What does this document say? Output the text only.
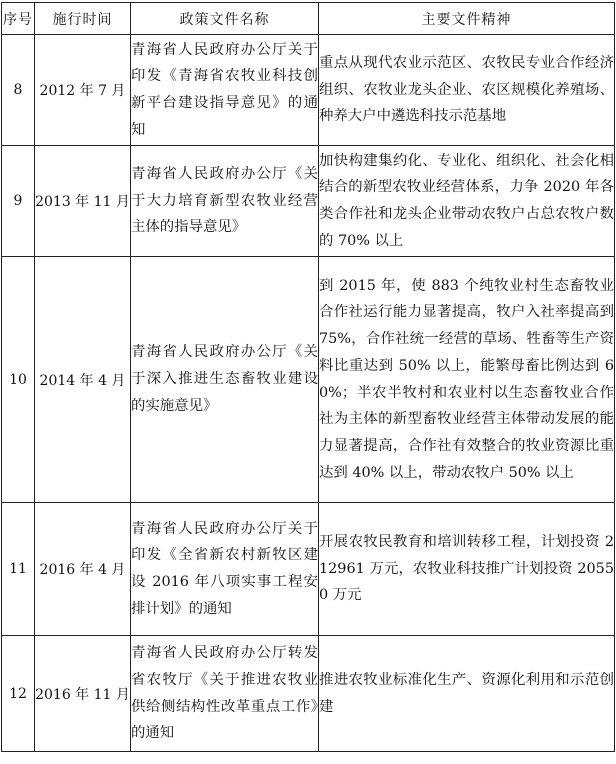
序号	施行时间	政策文件名称	主要文件精神
8	2012 年 7 月	青海省人民政府办公厅关于印发《青海省农牧业科技创新平台建设指导意见》的通知	重点从现代农业示范区、农牧民专业合作经济组织、农牧业龙头企业、农区规模化养殖场、种养大户中遴选科技示范基地
9	2013 年 11 月	青海省人民政府办公厅《关于大力培育新型农牧业经营主体的指导意见》	加快构建集约化、专业化、组织化、社会化相结合的新型农牧业经营体系，力争 2020 年各类合作社和龙头企业带动农牧户占总农牧户数的 70% 以上
10	2014 年 4 月	青海省人民政府办公厅《关于深入推进生态畜牧业建设的实施意见》	到 2015 年，使 883 个纯牧业村生态畜牧业合作社运行能力显著提高，牧户入社率提高到 75%，合作社统一经营的草场、牲畜等生产资料比重达到 50% 以上，能繁母畜比例达到 60%；半农半牧村和农业村以生态畜牧业合作社为主体的新型畜牧业经营主体带动发展的能力显著提高，合作社有效整合的牧业资源比重达到 40% 以上，带动农牧户 50% 以上
11	2016 年 4 月	青海省人民政府办公厅关于印发《全省新农村新牧区建设 2016 年八项实事工程安排计划》的通知	开展农牧民教育和培训转移工程，计划投资 212961 万元，农牧业科技推广计划投资 20550 万元
12	2016 年 11 月	青海省人民政府办公厅转发省农牧厅《关于推进农牧业供给侧结构性改革重点工作》的通知	推进农牧业标准化生产、资源化利用和示范创建
